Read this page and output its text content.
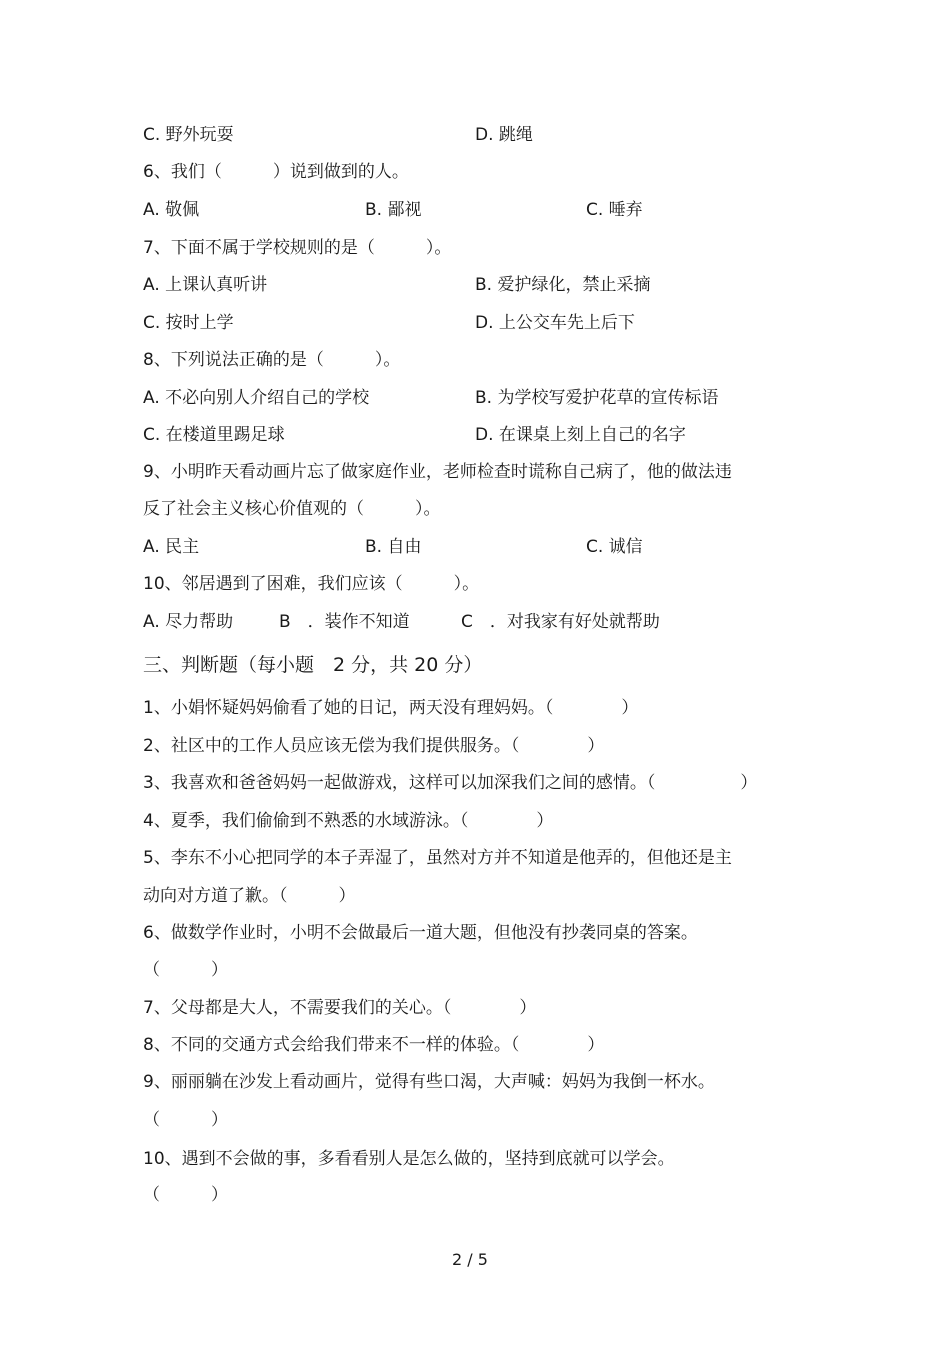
C. 野外玩耍	D. 跳绳
6、我们（　　　）说到做到的人。
A. 敬佩	B. 鄙视	C. 唾弃
7、下面不属于学校规则的是（　　　）。
A. 上课认真听讲	B. 爱护绿化，禁止采摘
C. 按时上学	D. 上公交车先上后下
8、下列说法正确的是（　　　）。
A. 不必向别人介绍自己的学校	B. 为学校写爱护花草的宣传标语
C. 在楼道里踢足球	D. 在课桌上刻上自己的名字
9、小明昨天看动画片忘了做家庭作业，老师检查时谎称自己病了，他的做法违
反了社会主义核心价值观的（　　　）。
A. 民主	B. 自由	C. 诚信
10、邻居遇到了困难，我们应该（　　　）。
A. 尽力帮助	B　．装作不知道	C　．对我家有好处就帮助
三、判断题（每小题　2 分，共 20 分）
1、小娟怀疑妈妈偷看了她的日记，两天没有理妈妈。（　　　　）
2、社区中的工作人员应该无偿为我们提供服务。（　　　　）
3、我喜欢和爸爸妈妈一起做游戏，这样可以加深我们之间的感情。（　　　　　）
4、夏季，我们偷偷到不熟悉的水域游泳。（　　　　）
5、李东不小心把同学的本子弄湿了，虽然对方并不知道是他弄的，但他还是主
动向对方道了歉。（　　　）
6、做数学作业时，小明不会做最后一道大题，但他没有抄袭同桌的答案。
（　　　）
7、父母都是大人，不需要我们的关心。（　　　　）
8、不同的交通方式会给我们带来不一样的体验。（　　　　）
9、丽丽躺在沙发上看动画片，觉得有些口渴，大声喊：妈妈为我倒一杯水。
（　　　）
10、遇到不会做的事，多看看别人是怎么做的，坚持到底就可以学会。
（　　　）
2 / 5
